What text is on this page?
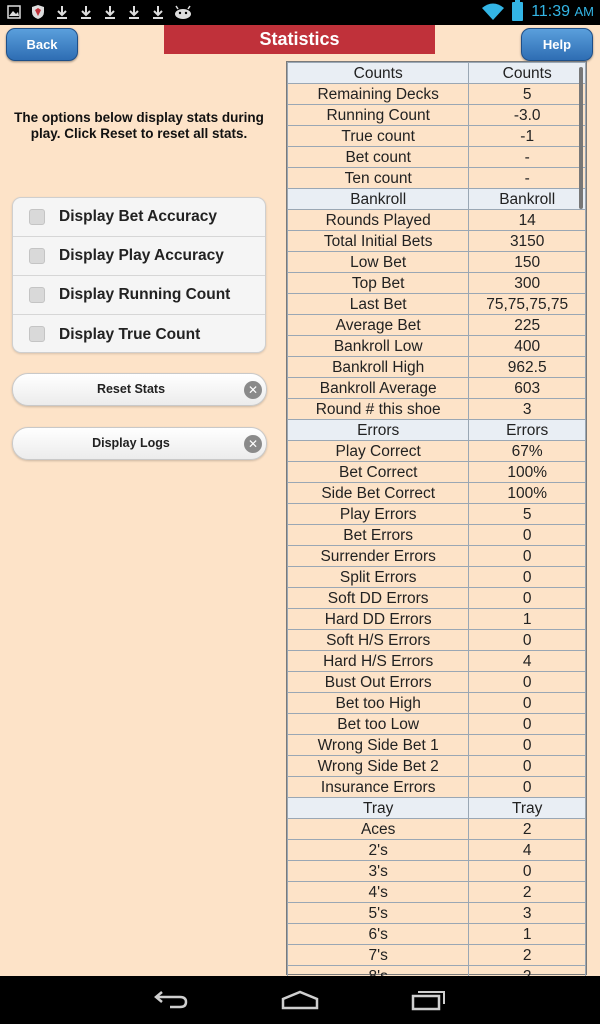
11:39 AM
Back	Statistics	Help
The options below display stats during play. Click Reset to reset all stats.
Display Bet Accuracy
Display Play Accuracy
Display Running Count
Display True Count
Reset Stats	✕
Display Logs	✕
Counts	Counts
Remaining Decks	5
Running Count	-3.0
True count	-1
Bet count	-
Ten count	-
Bankroll	Bankroll
Rounds Played	14
Total Initial Bets	3150
Low Bet	150
Top Bet	300
Last Bet	75,75,75,75
Average Bet	225
Bankroll Low	400
Bankroll High	962.5
Bankroll Average	603
Round # this shoe	3
Errors	Errors
Play Correct	67%
Bet Correct	100%
Side Bet Correct	100%
Play Errors	5
Bet Errors	0
Surrender Errors	0
Split Errors	0
Soft DD Errors	0
Hard DD Errors	1
Soft H/S Errors	0
Hard H/S Errors	4
Bust Out Errors	0
Bet too High	0
Bet too Low	0
Wrong Side Bet 1	0
Wrong Side Bet 2	0
Insurance Errors	0
Tray	Tray
Aces	2
2's	4
3's	0
4's	2
5's	3
6's	1
7's	2
